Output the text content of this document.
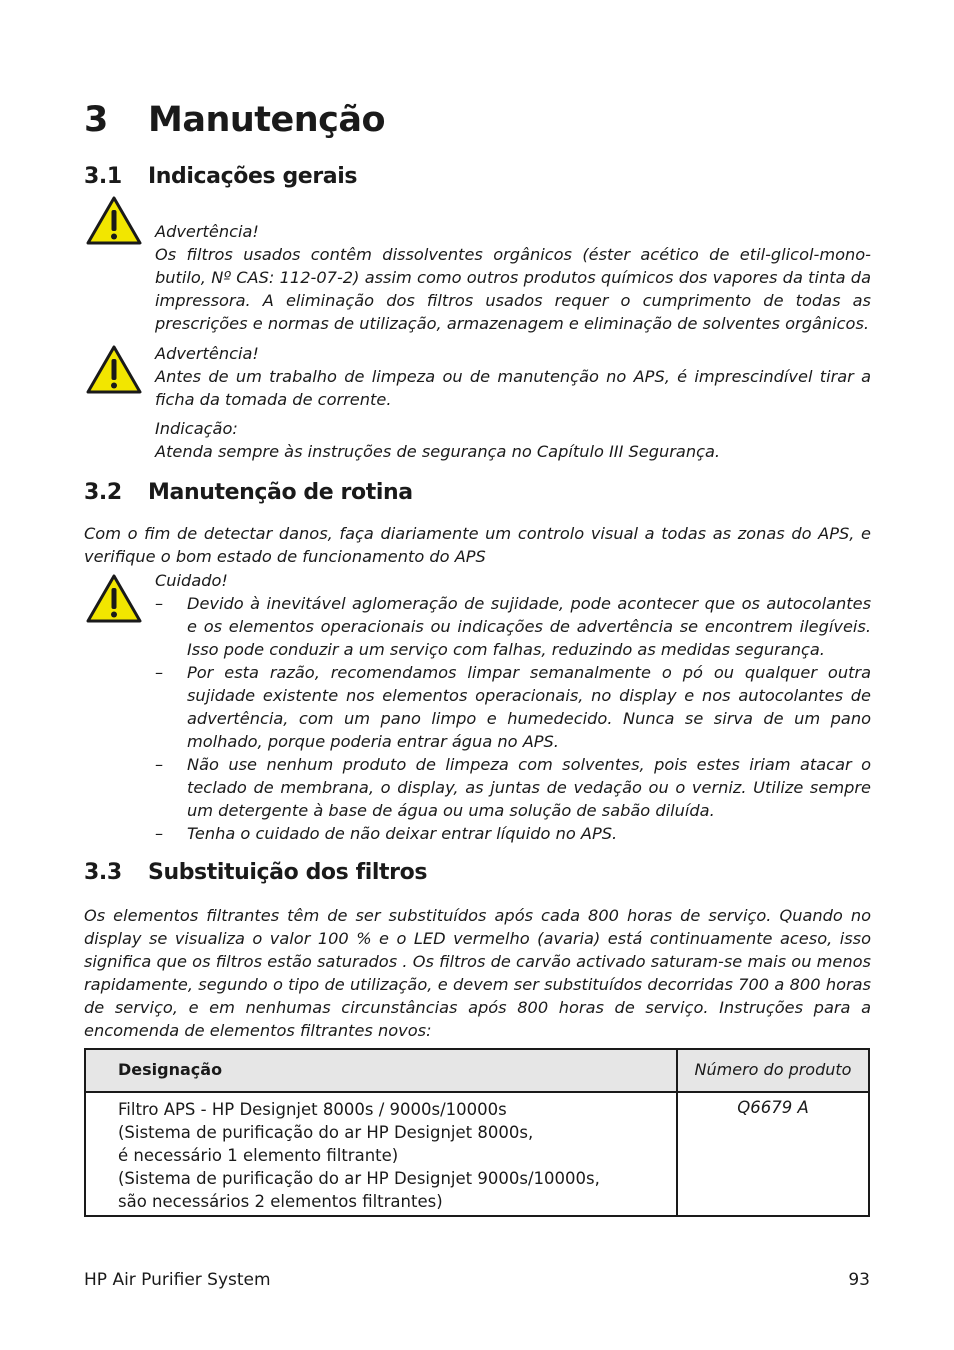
3 Manutenção
3.1 Indicações gerais
Advertência!
Os filtros usados contêm dissolventes orgânicos (éster acético de etil-glicol-mono-butilo, Nº CAS: 112-07-2) assim como outros produtos químicos dos vapores da tinta da impressora. A eliminação dos filtros usados requer o cumprimento de todas as prescrições e normas de utilização, armazenagem e eliminação de solventes orgânicos.
Advertência!
Antes de um trabalho de limpeza ou de manutenção no APS, é imprescindível tirar a ficha da tomada de corrente.
Indicação:
Atenda sempre às instruções de segurança no Capítulo III Segurança.
3.2 Manutenção de rotina
Com o fim de detectar danos, faça diariamente um controlo visual a todas as zonas do APS, e verifique o bom estado de funcionamento do APS
Cuidado!
–	Devido à inevitável aglomeração de sujidade, pode acontecer que os autocolantes e os elementos operacionais ou indicações de advertência se encontrem ilegíveis. Isso pode conduzir a um serviço com falhas, reduzindo as medidas segurança.
–	Por esta razão, recomendamos limpar semanalmente o pó ou qualquer outra sujidade existente nos elementos operacionais, no display e nos autocolantes de advertência, com um pano limpo e humedecido. Nunca se sirva de um pano molhado, porque poderia entrar água no APS.
–	Não use nenhum produto de limpeza com solventes, pois estes iriam atacar o teclado de membrana, o display, as juntas de vedação ou o verniz. Utilize sempre um detergente à base de água ou uma solução de sabão diluída.
–	Tenha o cuidado de não deixar entrar líquido no APS.
3.3 Substituição dos filtros
Os elementos filtrantes têm de ser substituídos após cada 800 horas de serviço. Quando no display se visualiza o valor 100 % e o LED vermelho (avaria) está continuamente aceso, isso significa que os filtros estão saturados . Os filtros de carvão activado saturam-se mais ou menos rapidamente, segundo o tipo de utilização, e devem ser substituídos decorridas 700 a 800 horas de serviço, e em nenhumas circunstâncias após 800 horas de serviço. Instruções para a encomenda de elementos filtrantes novos:
Designação	Número do produto

Filtro APS - HP Designjet 8000s / 9000s/10000s
(Sistema de purificação do ar HP Designjet 8000s,
é necessário 1 elemento filtrante)
(Sistema de purificação do ar HP Designjet 9000s/10000s,
são necessários 2 elementos filtrantes)	Q6679 A
HP Air Purifier System	93
